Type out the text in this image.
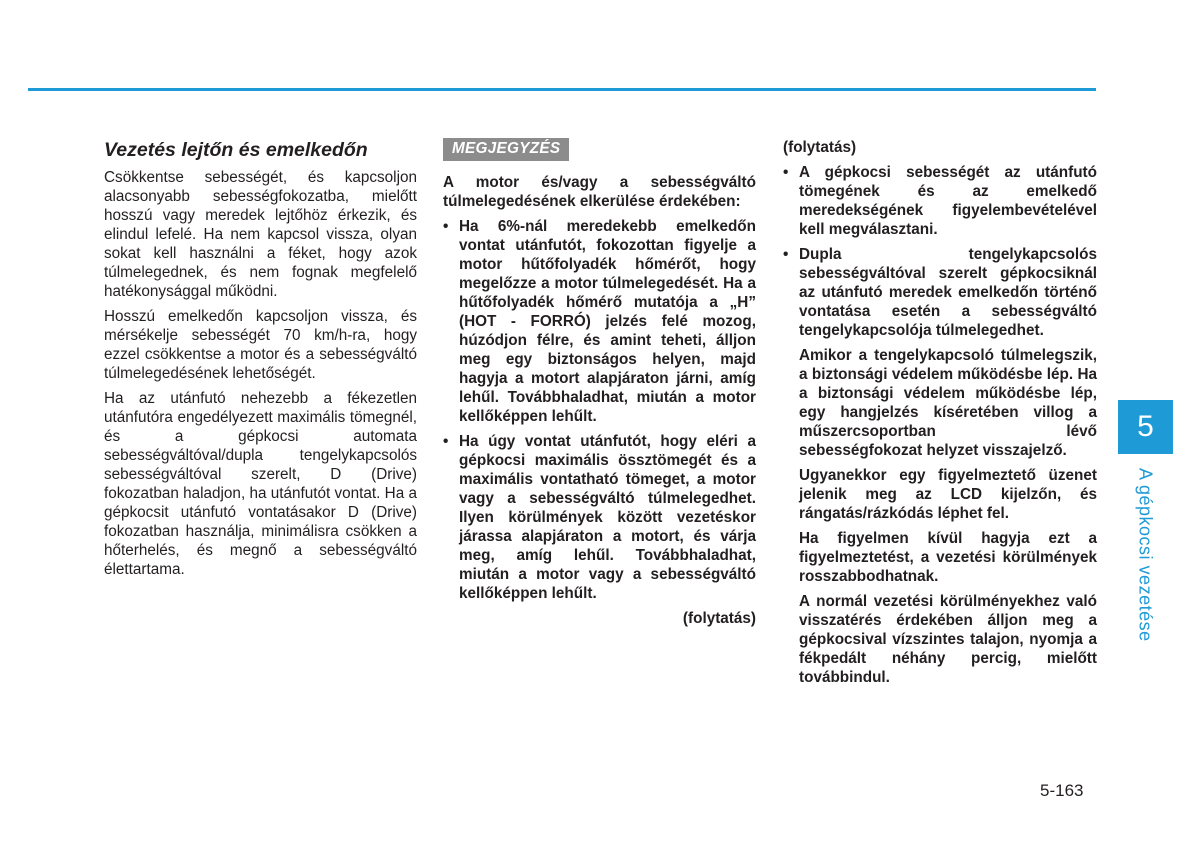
Vezetés lejtőn és emelkedőn

Csökkentse sebességét, és kapcsoljon alacsonyabb sebességfokozatba, mielőtt hosszú vagy meredek lejtőhöz érkezik, és elindul lefelé. Ha nem kapcsol vissza, olyan sokat kell használni a féket, hogy azok túlmelegednek, és nem fognak megfelelő hatékonysággal működni.

Hosszú emelkedőn kapcsoljon vissza, és mérsékelje sebességét 70 km/h-ra, hogy ezzel csökkentse a motor és a sebességváltó túlmelegedésének lehetőségét.

Ha az utánfutó nehezebb a fékezetlen utánfutóra engedélyezett maximális tömegnél, és a gépkocsi automata sebességváltóval/dupla tengelykapcsolós sebességváltóval szerelt, D (Drive) fokozatban haladjon, ha utánfutót vontat. Ha a gépkocsit utánfutó vontatásakor D (Drive) fokozatban használja, minimálisra csökken a hőterhelés, és megnő a sebességváltó élettartama.

MEGJEGYZÉS

A motor és/vagy a sebességváltó túlmelegedésének elkerülése érdekében:

• Ha 6%-nál meredekebb emelkedőn vontat utánfutót, fokozottan figyelje a motor hűtőfolyadék hőmérőt, hogy megelőzze a motor túlmelegedését. Ha a hűtőfolyadék hőmérő mutatója a „H” (HOT - FORRÓ) jelzés felé mozog, húzódjon félre, és amint teheti, álljon meg egy biztonságos helyen, majd hagyja a motort alapjáraton járni, amíg lehűl. Továbbhaladhat, miután a motor kellőképpen lehűlt.
• Ha úgy vontat utánfutót, hogy eléri a gépkocsi maximális össztömegét és a maximális vontatható tömeget, a motor vagy a sebességváltó túlmelegedhet. Ilyen körülmények között vezetéskor járassa alapjáraton a motort, és várja meg, amíg lehűl. Továbbhaladhat, miután a motor vagy a sebességváltó kellőképpen lehűlt.

(folytatás)

(folytatás)

• A gépkocsi sebességét az utánfutó tömegének és az emelkedő meredekségének figyelembevételével kell megválasztani.
• Dupla tengelykapcsolós sebességváltóval szerelt gépkocsiknál az utánfutó meredek emelkedőn történő vontatása esetén a sebességváltó tengelykapcsolója túlmelegedhet.

Amikor a tengelykapcsoló túlmelegszik, a biztonsági védelem működésbe lép. Ha a biztonsági védelem működésbe lép, egy hangjelzés kíséretében villog a műszercsoportban lévő sebességfokozat helyzet visszajelző.

Ugyanekkor egy figyelmeztető üzenet jelenik meg az LCD kijelzőn, és rángatás/rázkódás léphet fel.

Ha figyelmen kívül hagyja ezt a figyelmeztetést, a vezetési körülmények rosszabbodhatnak.

A normál vezetési körülményekhez való visszatérés érdekében álljon meg a gépkocsival vízszintes talajon, nyomja a fékpedált néhány percig, mielőtt továbbindul.

5
A gépkocsi vezetése
5-163
